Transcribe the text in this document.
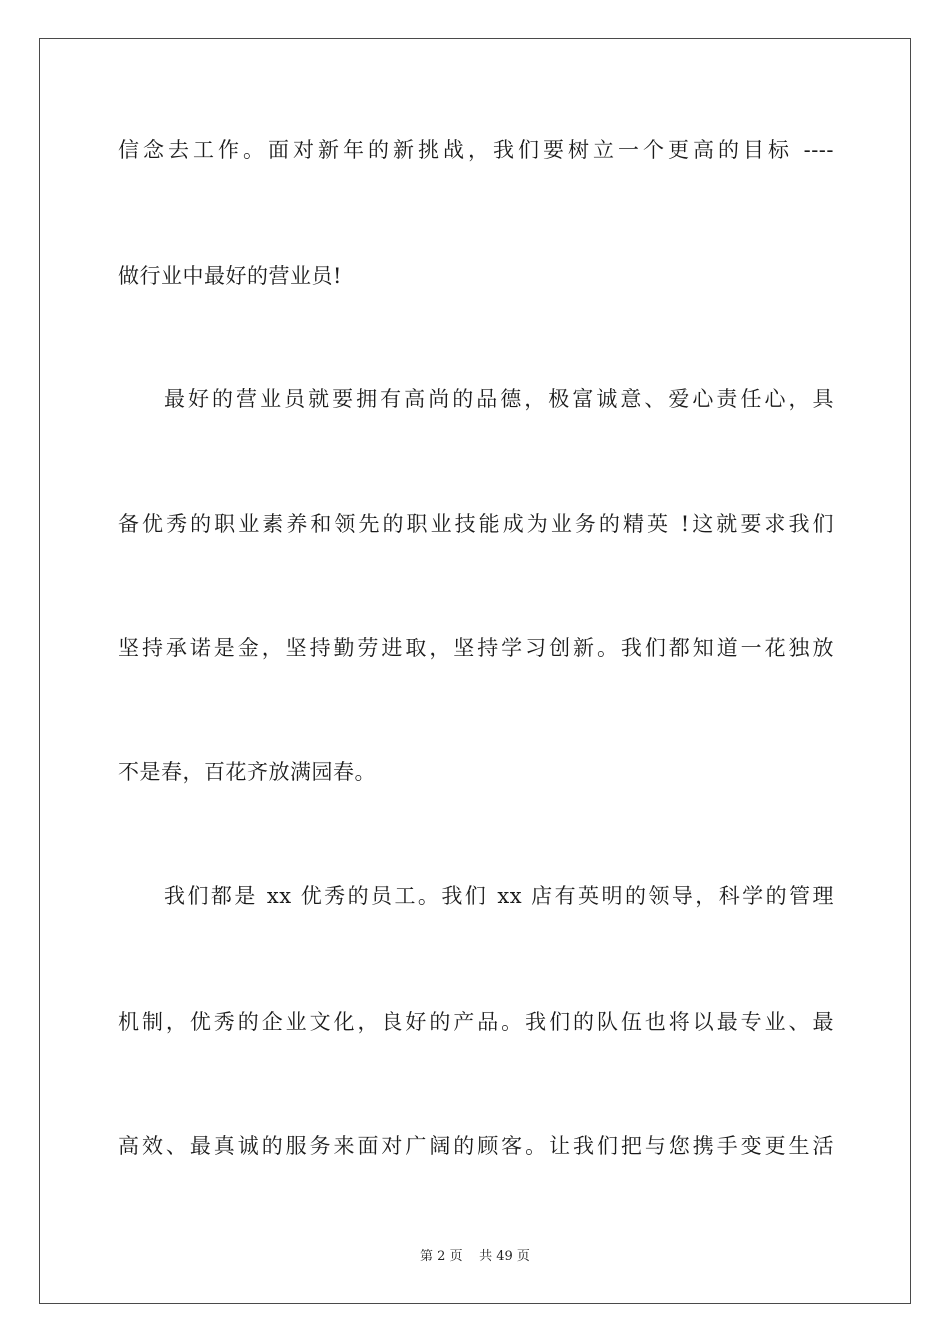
信念去工作。面对新年的新挑战，我们要树立一个更高的目标 ----
做行业中最好的营业员!
最好的营业员就要拥有高尚的品德，极富诚意、爱心责任心，具
备优秀的职业素养和领先的职业技能成为业务的精英 !这就要求我们
坚持承诺是金，坚持勤劳进取，坚持学习创新。我们都知道一花独放
不是春，百花齐放满园春。
我们都是 xx 优秀的员工。我们 xx 店有英明的领导，科学的管理
机制，优秀的企业文化，良好的产品。我们的队伍也将以最专业、最
高效、最真诚的服务来面对广阔的顾客。让我们把与您携手变更生活
第 2 页 共 49 页
